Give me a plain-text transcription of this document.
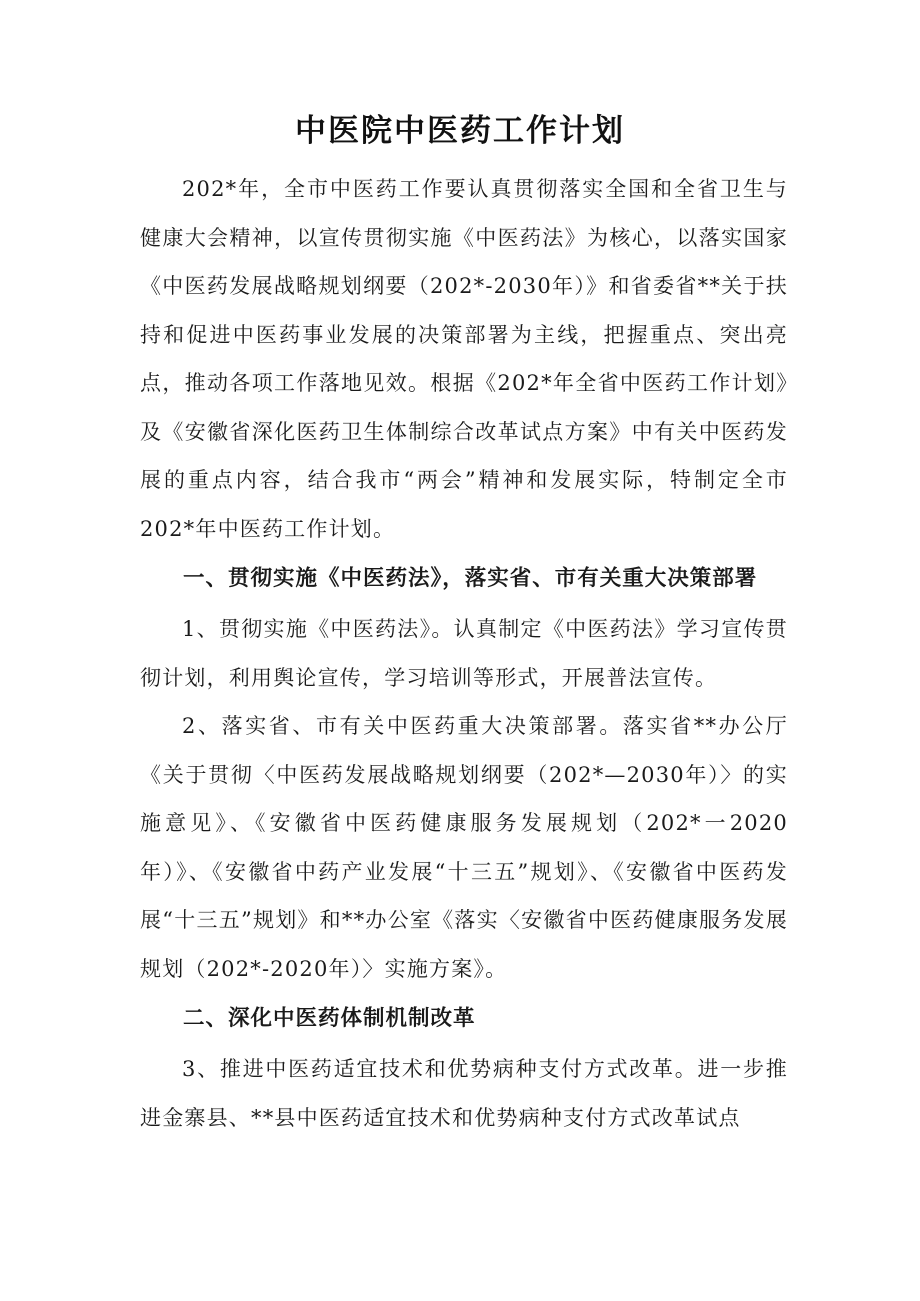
中医院中医药工作计划

202*年，全市中医药工作要认真贯彻落实全国和全省卫生与健康大会精神，以宣传贯彻实施《中医药法》为核心，以落实国家《中医药发展战略规划纲要（202*-2030年）》和省委省**关于扶持和促进中医药事业发展的决策部署为主线，把握重点、突出亮点，推动各项工作落地见效。根据《202*年全省中医药工作计划》及《安徽省深化医药卫生体制综合改革试点方案》中有关中医药发展的重点内容，结合我市“两会”精神和发展实际，特制定全市202*年中医药工作计划。

一、贯彻实施《中医药法》，落实省、市有关重大决策部署

1、贯彻实施《中医药法》。认真制定《中医药法》学习宣传贯彻计划，利用舆论宣传，学习培训等形式，开展普法宣传。

2、落实省、市有关中医药重大决策部署。落实省**办公厅《关于贯彻〈中医药发展战略规划纲要（202*—2030年）〉的实施意见》、《安徽省中医药健康服务发展规划（202*一2020年）》、《安徽省中药产业发展“十三五”规划》、《安徽省中医药发展“十三五”规划》和**办公室《落实〈安徽省中医药健康服务发展规划（202*-2020年）〉实施方案》。

二、深化中医药体制机制改革

3、推进中医药适宜技术和优势病种支付方式改革。进一步推进金寨县、**县中医药适宜技术和优势病种支付方式改革试点
